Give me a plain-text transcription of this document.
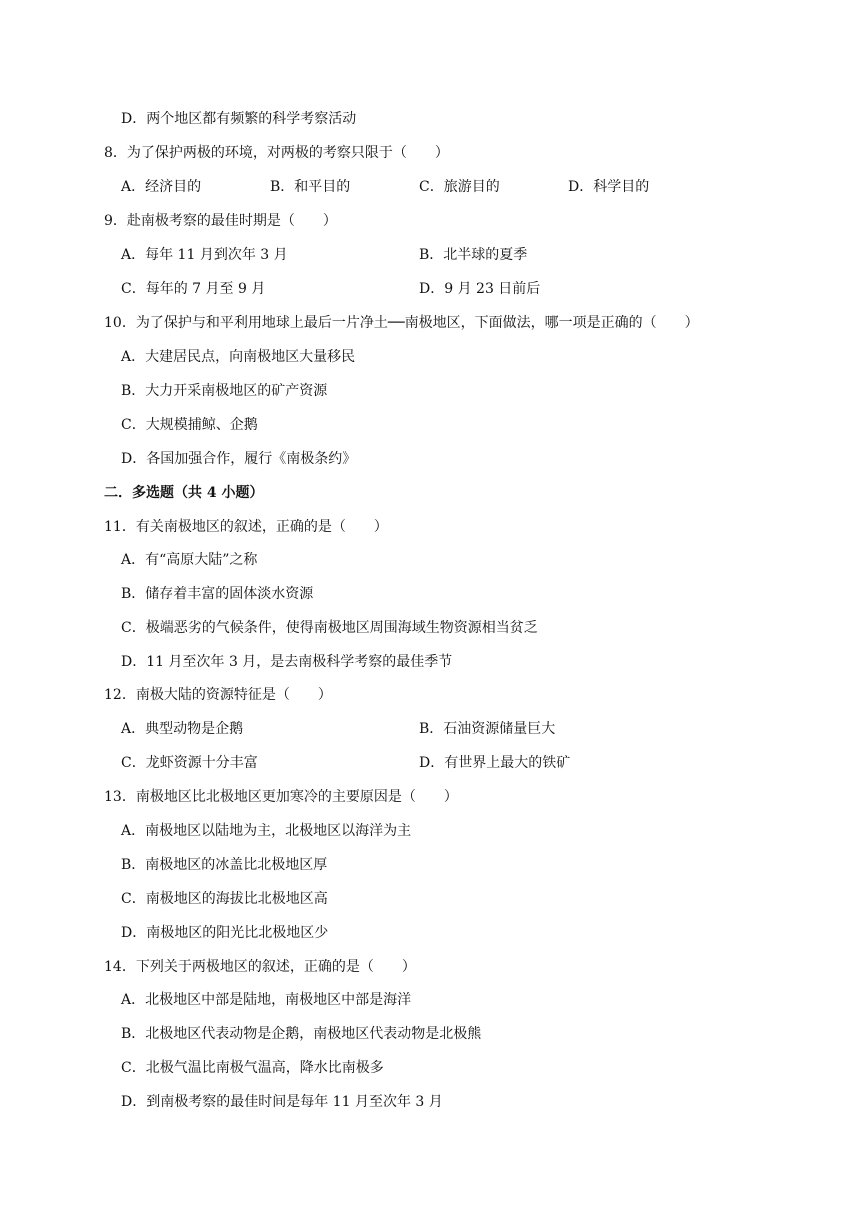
D．两个地区都有频繁的科学考察活动
8．为了保护两极的环境，对两极的考察只限于（　　）
A．经济目的	B．和平目的	C．旅游目的	D．科学目的
9．赴南极考察的最佳时期是（　　）
A．每年 11 月到次年 3 月	B．北半球的夏季
C．每年的 7 月至 9 月	D．9 月 23 日前后
10．为了保护与和平利用地球上最后一片净土──南极地区，下面做法，哪一项是正确的（　　）
A．大建居民点，向南极地区大量移民
B．大力开采南极地区的矿产资源
C．大规模捕鲸、企鹅
D．各国加强合作，履行《南极条约》
二．多选题（共 4 小题）
11．有关南极地区的叙述，正确的是（　　）
A．有“高原大陆”之称
B．储存着丰富的固体淡水资源
C．极端恶劣的气候条件，使得南极地区周围海域生物资源相当贫乏
D．11 月至次年 3 月，是去南极科学考察的最佳季节
12．南极大陆的资源特征是（　　）
A．典型动物是企鹅	B．石油资源储量巨大
C．龙虾资源十分丰富	D．有世界上最大的铁矿
13．南极地区比北极地区更加寒冷的主要原因是（　　）
A．南极地区以陆地为主，北极地区以海洋为主
B．南极地区的冰盖比北极地区厚
C．南极地区的海拔比北极地区高
D．南极地区的阳光比北极地区少
14．下列关于两极地区的叙述，正确的是（　　）
A．北极地区中部是陆地，南极地区中部是海洋
B．北极地区代表动物是企鹅，南极地区代表动物是北极熊
C．北极气温比南极气温高，降水比南极多
D．到南极考察的最佳时间是每年 11 月至次年 3 月
